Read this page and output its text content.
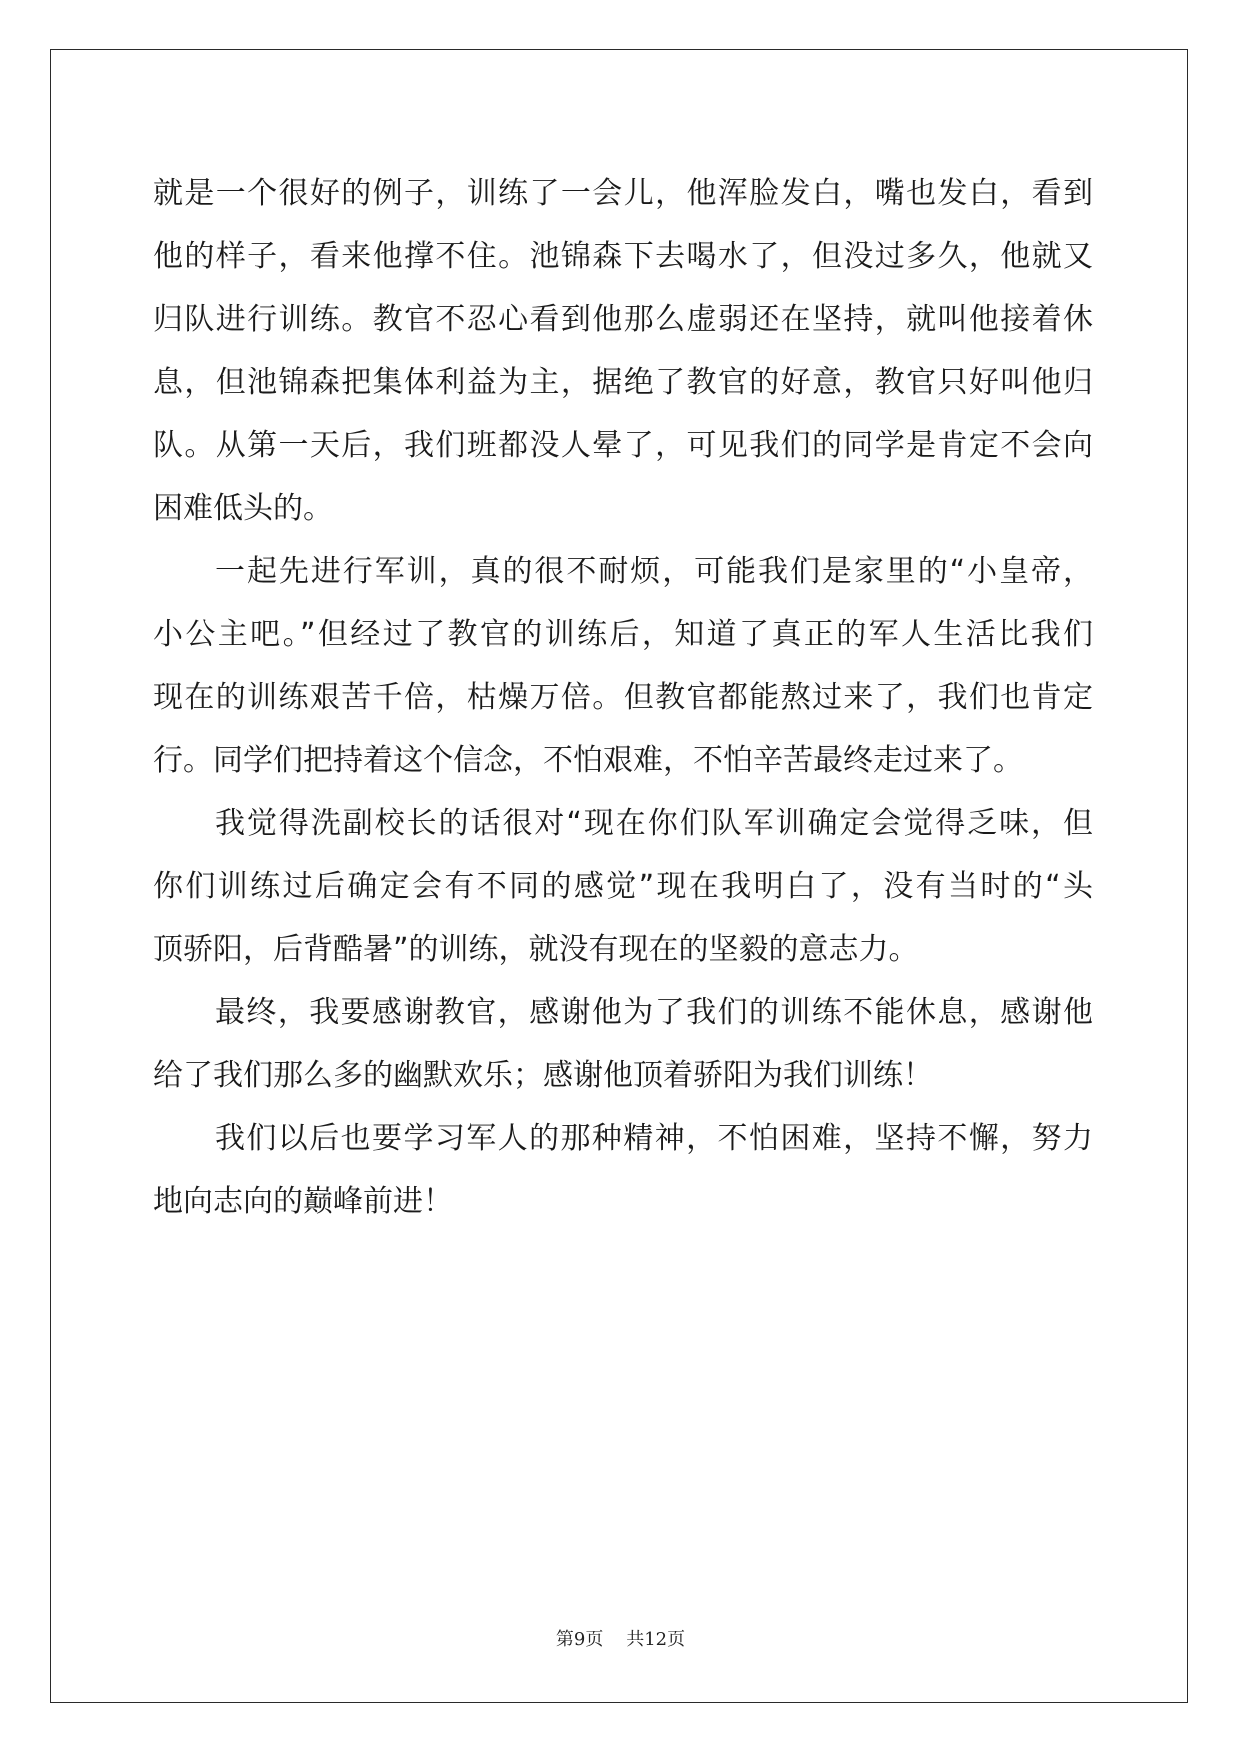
就是一个很好的例子，训练了一会儿，他浑脸发白，嘴也发白，看到
他的样子，看来他撑不住。池锦森下去喝水了，但没过多久，他就又
归队进行训练。教官不忍心看到他那么虚弱还在坚持，就叫他接着休
息，但池锦森把集体利益为主，据绝了教官的好意，教官只好叫他归
队。从第一天后，我们班都没人晕了，可见我们的同学是肯定不会向
困难低头的。
一起先进行军训，真的很不耐烦，可能我们是家里的“小皇帝，
小公主吧。”但经过了教官的训练后，知道了真正的军人生活比我们
现在的训练艰苦千倍，枯燥万倍。但教官都能熬过来了，我们也肯定
行。同学们把持着这个信念，不怕艰难，不怕辛苦最终走过来了。
我觉得洗副校长的话很对“现在你们队军训确定会觉得乏味，但
你们训练过后确定会有不同的感觉”现在我明白了，没有当时的“头
顶骄阳，后背酷暑”的训练，就没有现在的坚毅的意志力。
最终，我要感谢教官，感谢他为了我们的训练不能休息，感谢他
给了我们那么多的幽默欢乐；感谢他顶着骄阳为我们训练！
我们以后也要学习军人的那种精神，不怕困难，坚持不懈，努力
地向志向的巅峰前进！
第9页 共12页
